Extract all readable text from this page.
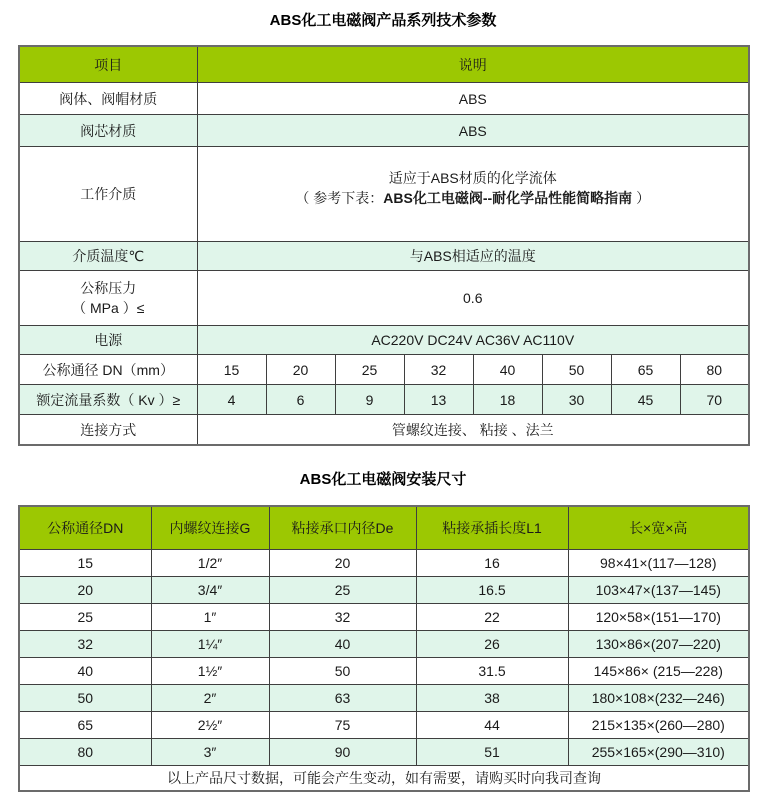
ABS化工电磁阀产品系列技术参数
项目	说明							
阀体、阀帽材质	ABS							
阀芯材质	ABS							
工作介质	适应于ABS材质的化学流体
（ 参考下表：ABS化工电磁阀--耐化学品性能简略指南 ）							

介质温度℃	与ABS相适应的温度							

公称压力
（ MPa ）≤	0.6							
电源	AC220V DC24V AC36V AC110V							
公称通径 DN（mm）	15	20	25	32	40	50	65	80
额定流量系数（ Kv ）≥	4	6	9	13	18	30	45	70
连接方式	管螺纹连接、 粘接 、法兰							
ABS化工电磁阀安装尺寸
公称通径DN	内螺纹连接G	粘接承口内径De	粘接承插长度L1	长×宽×高
15	1/2″	20	16	98×41×(117—128)
20	3/4″	25	16.5	103×47×(137—145)
25	1″	32	22	120×58×(151—170)
32	1¼″	40	26	130×86×(207—220)
40	1½″	50	31.5	145×86× (215—228)
50	2″	63	38	180×108×(232—246)
65	2½″	75	44	215×135×(260—280)
80	3″	90	51	255×165×(290—310)
以上产品尺寸数据，可能会产生变动，如有需要，请购买时向我司查询				
